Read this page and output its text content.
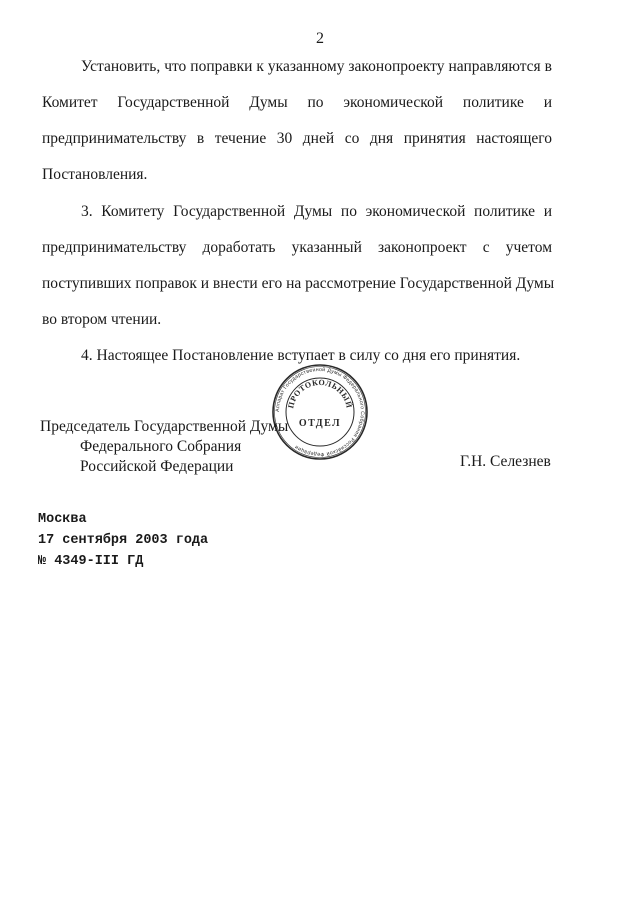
2
Установить, что поправки к указанному законопроекту направляются в
Комитет Государственной Думы по экономической политике и
предпринимательству в течение 30 дней со дня принятия настоящего
Постановления.
3. Комитету Государственной Думы по экономической политике и
предпринимательству доработать указанный законопроект с учетом
поступивших поправок и внести его на рассмотрение Государственной Думы
во втором чтении.
4. Настоящее Постановление вступает в силу со дня его принятия.
Аппарат Государственной Думы Федерального Собрания Российской Федерации
ПРОТОКОЛЬНЫЙ
ОТДЕЛ
Председатель Государственной Думы
Федерального Собрания
Российской Федерации	Г.Н. Селезнев
Москва
17 сентября 2003 года
№ 4349-III ГД
